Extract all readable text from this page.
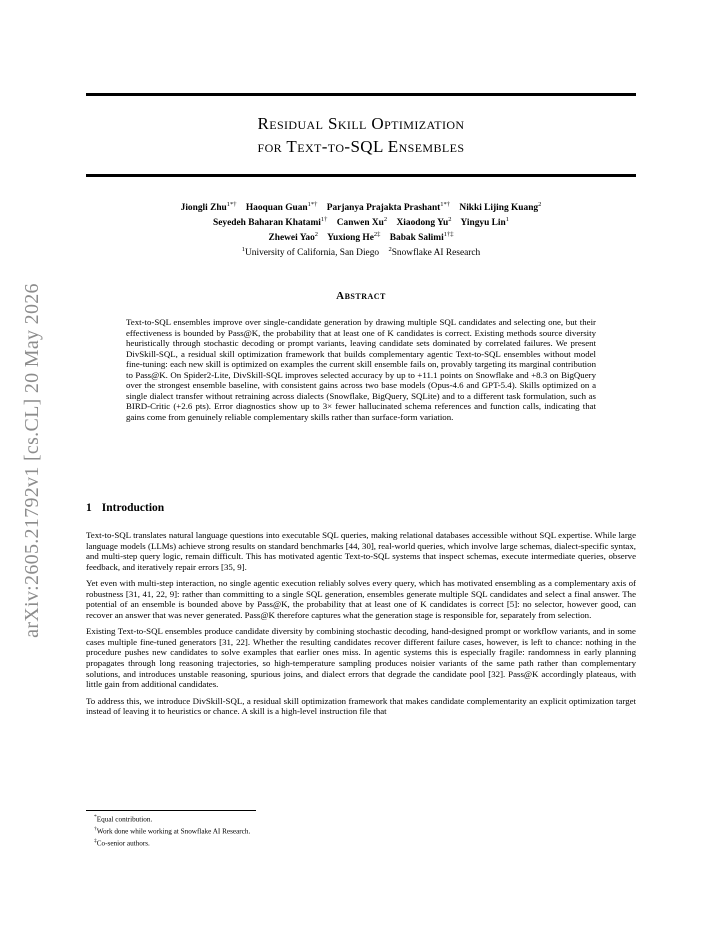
arXiv:2605.21792v1 [cs.CL] 20 May 2026
Residual Skill Optimization
for Text-to-SQL Ensembles
Jiongli Zhu$^{1*\dagger}$ Haoquan Guan$^{1*\dagger}$ Parjanya Prajakta Prashant$^{1*\dagger}$ Nikki Lijing Kuang$^2$
Seyedeh Baharan Khatami$^{1\dagger}$ Canwen Xu$^2$ Xiaodong Yu$^2$ Yingyu Lin$^1$
Zhewei Yao$^2$ Yuxiong $He^{2\ddagger}$ Babak Salimi$^{1\dagger\ddagger}$
$^1$University of California, San Diego $^2$Snowflake AI Research
Abstract

Text-to-SQL ensembles improve over single-candidate generation by drawing multiple SQL candidates and selecting one, but their effectiveness is bounded by Pass@K, the probability that at least one of K candidates is correct. Existing methods source diversity heuristically through stochastic decoding or prompt variants, leaving candidate sets dominated by correlated failures. We present DivSkill-SQL, a residual skill optimization framework that builds complementary agentic Text-to-SQL ensembles without model fine-tuning: each new skill is optimized on examples the current skill ensemble fails on, provably targeting its marginal contribution to Pass@K. On Spider2-Lite, DivSkill-SQL improves selected accuracy by up to +11.1 points on Snowflake and +8.3 on BigQuery over the strongest ensemble baseline, with consistent gains across two base models (Opus-4.6 and GPT-5.4). Skills optimized on a single dialect transfer without retraining across dialects (Snowflake, BigQuery, SQLite) and to a different task formulation, such as BIRD-Critic (+2.6 pts). Error diagnostics show up to 3× fewer hallucinated schema references and function calls, indicating that gains come from genuinely reliable complementary skills rather than surface-form variation.

1 Introduction

Text-to-SQL translates natural language questions into executable SQL queries, making relational databases accessible without SQL expertise. While large language models (LLMs) achieve strong results on standard benchmarks [44, 30], real-world queries, which involve large schemas, dialect-specific syntax, and multi-step query logic, remain difficult. This has motivated agentic Text-to-SQL systems that inspect schemas, execute intermediate queries, observe feedback, and iteratively repair errors [35, 9].

Yet even with multi-step interaction, no single agentic execution reliably solves every query, which has motivated ensembling as a complementary axis of robustness [31, 41, 22, 9]: rather than committing to a single SQL generation, ensembles generate multiple SQL candidates and select a final answer. The potential of an ensemble is bounded above by Pass@K, the probability that at least one of K candidates is correct [5]: no selector, however good, can recover an answer that was never generated. Pass@K therefore captures what the generation stage is responsible for, separately from selection.

Existing Text-to-SQL ensembles produce candidate diversity by combining stochastic decoding, hand-designed prompt or workflow variants, and in some cases multiple fine-tuned generators [31, 22]. Whether the resulting candidates recover different failure cases, however, is left to chance: nothing in the procedure pushes new candidates to solve examples that earlier ones miss. In agentic systems this is especially fragile: randomness in early planning propagates through long reasoning trajectories, so high-temperature sampling produces noisier variants of the same path rather than complementary solutions, and introduces unstable reasoning, spurious joins, and dialect errors that degrade the candidate pool [32]. Pass@K accordingly plateaus, with little gain from additional candidates.

To address this, we introduce DivSkill-SQL, a residual skill optimization framework that makes candidate complementarity an explicit optimization target instead of leaving it to heuristics or chance. A skill is a high-level instruction file that

*Equal contribution.
†Work done while working at Snowflake AI Research.
‡Co-senior authors.
